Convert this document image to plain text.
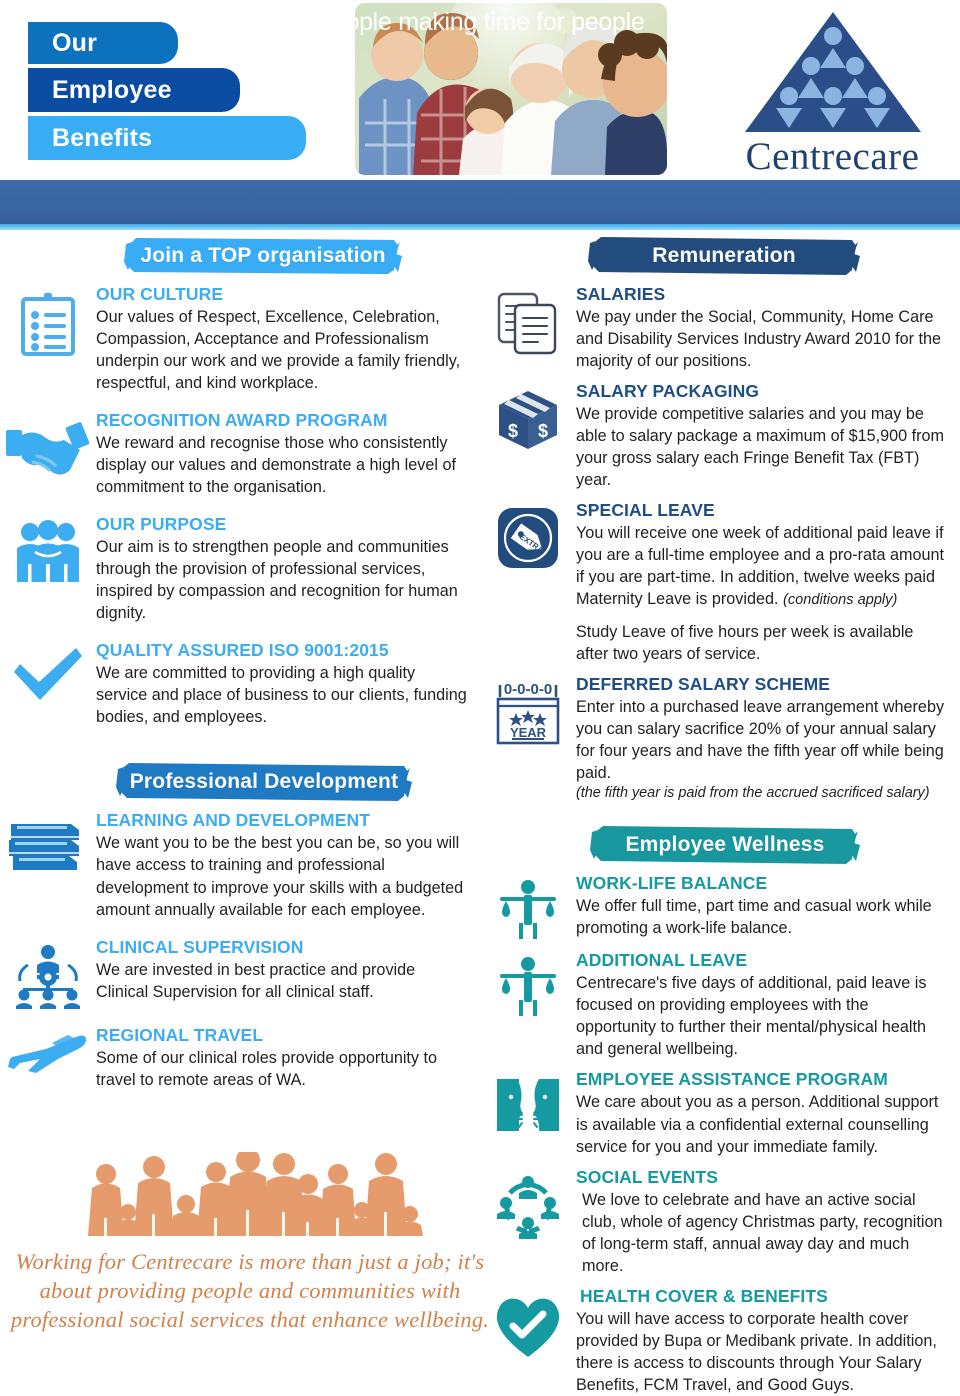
Our
Employee
Benefits	Centrecare
People making time for people
Join a TOP organisation

OUR CULTURE

Our values of Respect, Excellence, Celebration, Compassion, Acceptance and Professionalism underpin our work and we provide a family friendly, respectful, and kind workplace.

RECOGNITION AWARD PROGRAM

We reward and recognise those who consistently display our values and demonstrate a high level of commitment to the organisation.

OUR PURPOSE

Our aim is to strengthen people and communities through the provision of professional services, inspired by compassion and recognition for human dignity.

QUALITY ASSURED ISO 9001:2015

We are committed to providing a high quality service and place of business to our clients, funding bodies, and employees.

Professional Development

LEARNING AND DEVELOPMENT

We want you to be the best you can be, so you will have access to training and professional development to improve your skills with a budgeted amount annually available for each employee.

CLINICAL SUPERVISION

We are invested in best practice and provide Clinical Supervision for all clinical staff.

REGIONAL TRAVEL

Some of our clinical roles provide opportunity to travel to remote areas of WA.

Working for Centrecare is more than just a job; it's about providing people and communities with professional social services that enhance wellbeing.

Remuneration

SALARIES

We pay under the Social, Community, Home Care and Disability Services Industry Award 2010 for the majority of our positions.

$ $

SALARY PACKAGING

We provide competitive salaries and you may be able to salary package a maximum of $15,900 from your gross salary each Fringe Benefit Tax (FBT) year.

EXTRA

SPECIAL LEAVE

You will receive one week of additional paid leave if you are a full-time employee and a pro-rata amount if you are part-time. In addition, twelve weeks paid Maternity Leave is provided. (conditions apply)

Study Leave of five hours per week is available after two years of service.

0-0-0-0
YEAR

DEFERRED SALARY SCHEME

Enter into a purchased leave arrangement whereby you can salary sacrifice 20% of your annual salary for four years and have the fifth year off while being paid.

(the fifth year is paid from the accrued sacrificed salary)

Employee Wellness

WORK-LIFE BALANCE

We offer full time, part time and casual work while promoting a work-life balance.

ADDITIONAL LEAVE

Centrecare's five days of additional, paid leave is focused on providing employees with the opportunity to further their mental/physical health and general wellbeing.

EMPLOYEE ASSISTANCE PROGRAM

We care about you as a person. Additional support is available via a confidential external counselling service for you and your immediate family.

SOCIAL EVENTS

We love to celebrate and have an active social club, whole of agency Christmas party, recognition of long-term staff, annual away day and much more.

HEALTH COVER & BENEFITS

You will have access to corporate health cover provided by Bupa or Medibank private. In addition, there is access to discounts through Your Salary Benefits, FCM Travel, and Good Guys.
